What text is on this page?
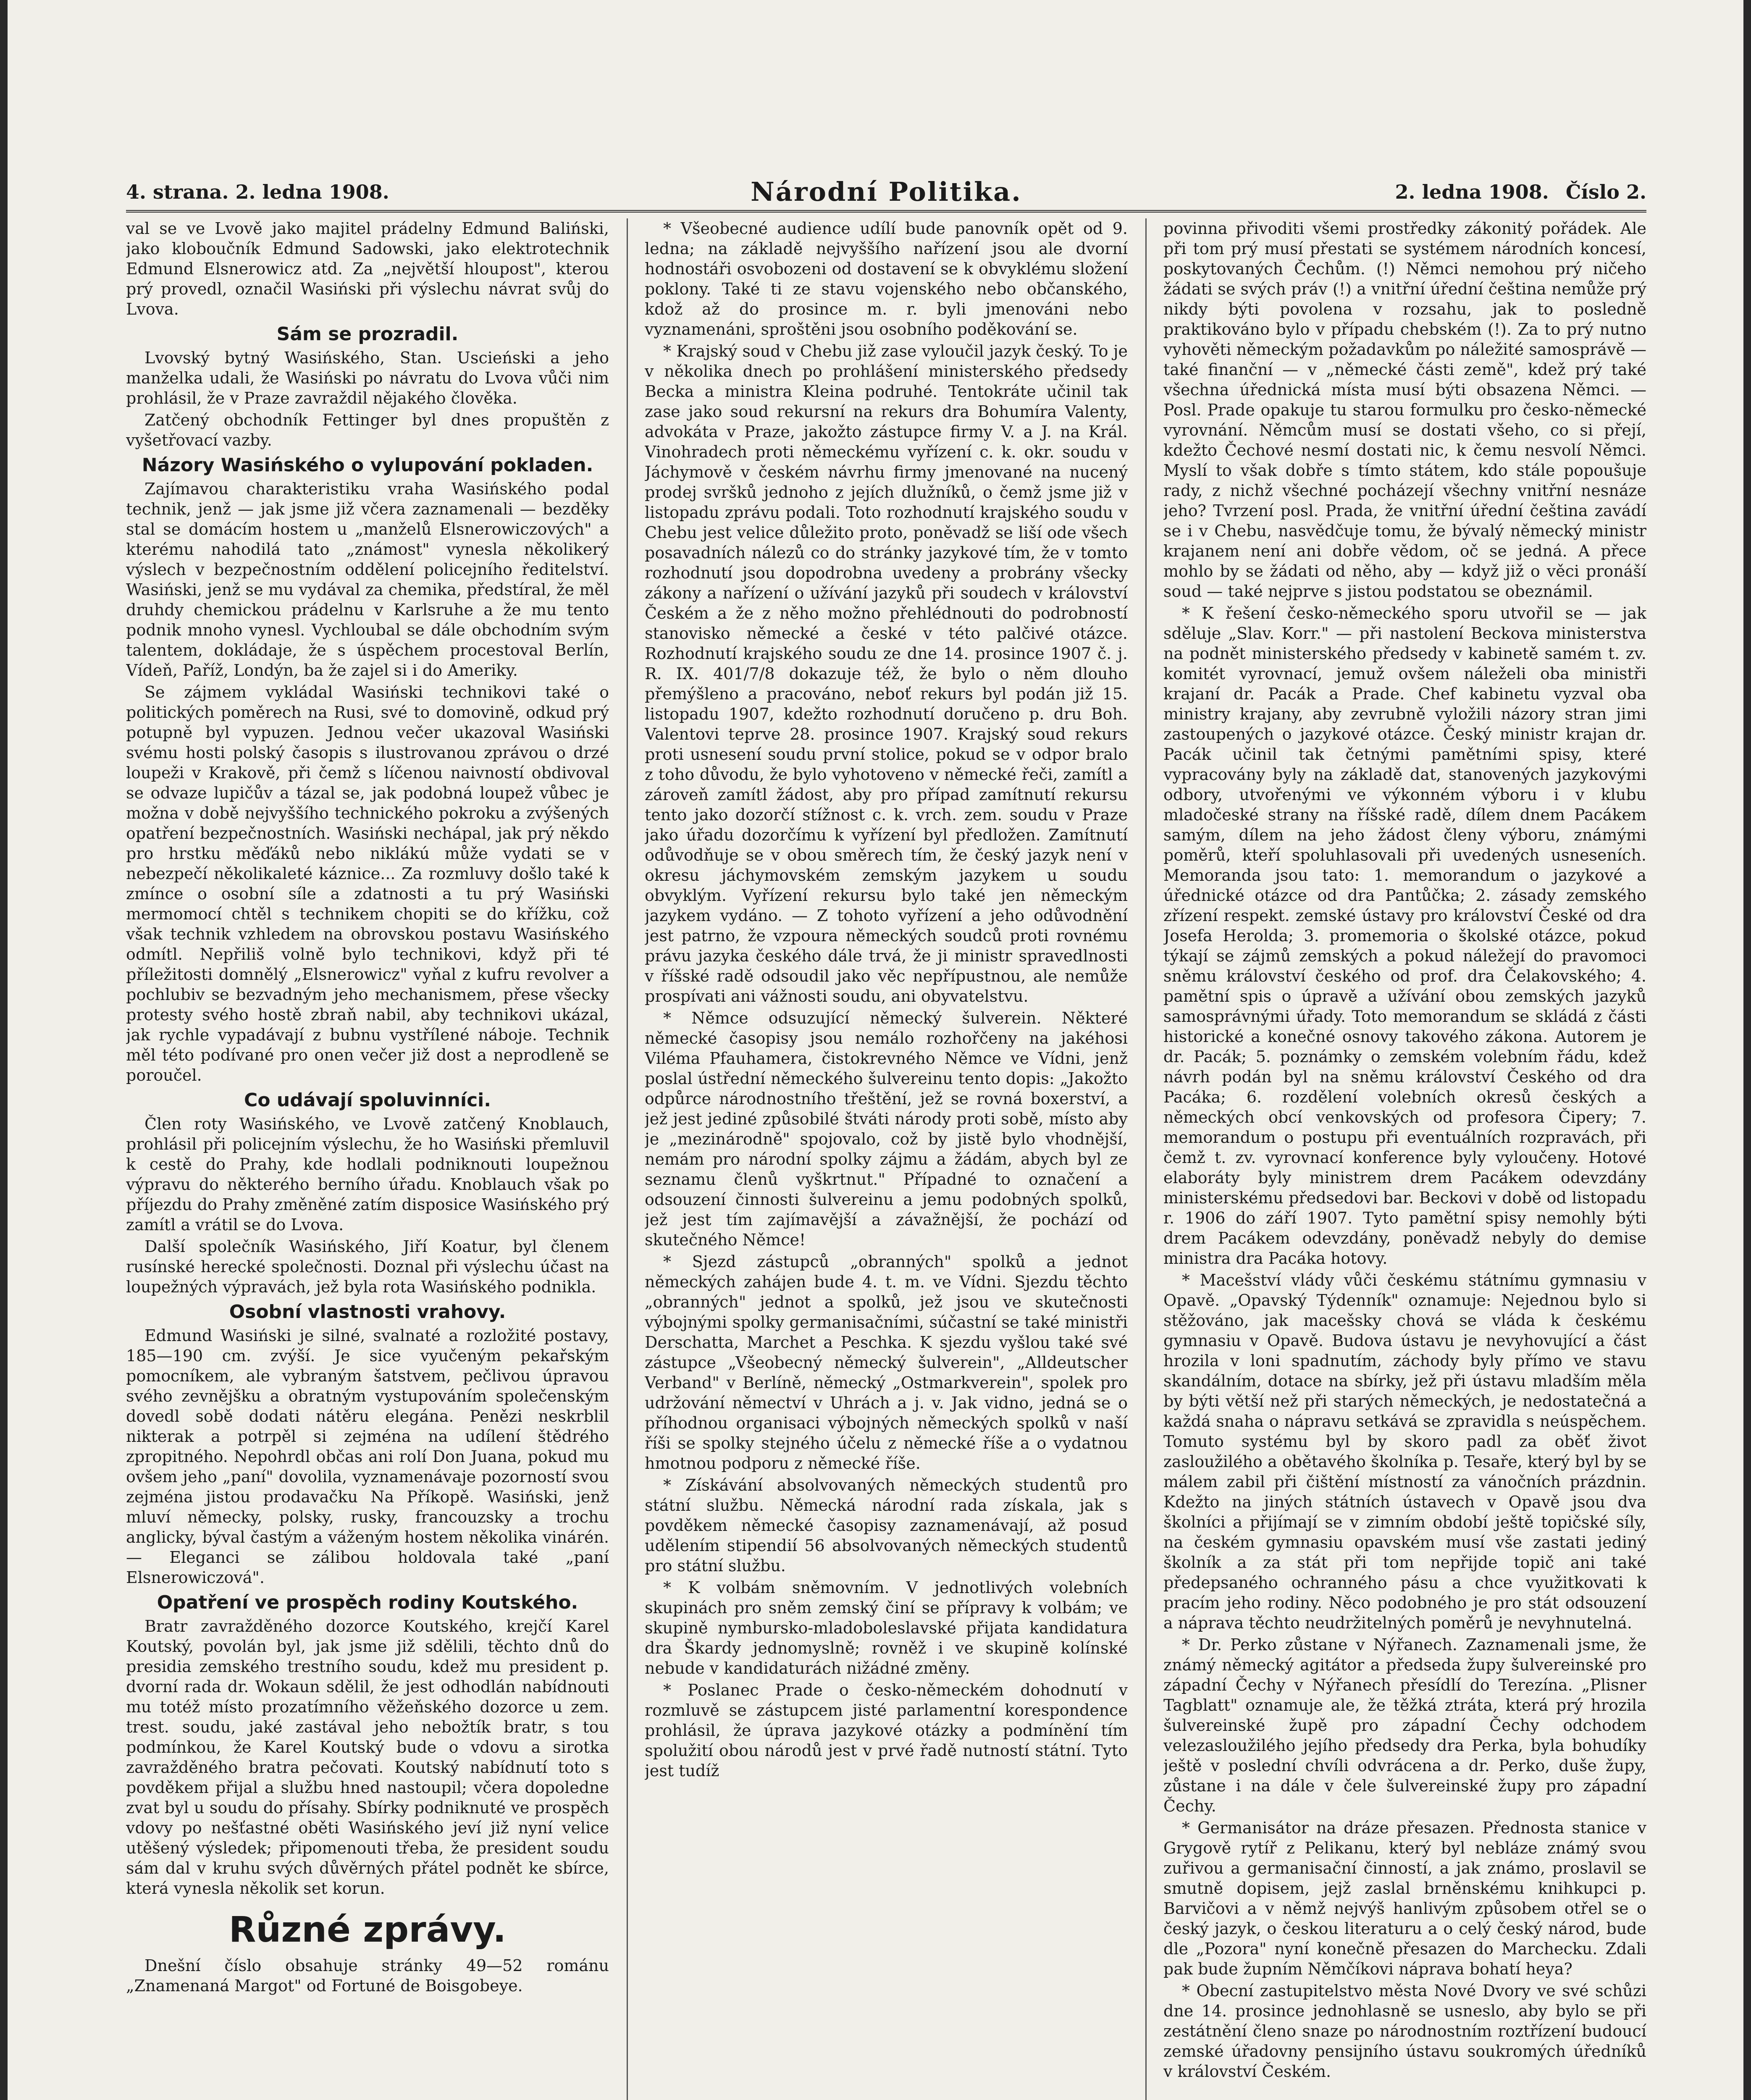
4. strana. 2. ledna 1908.	Národní Politika.	2. ledna 1908. Číslo 2.

val se ve Lvově jako majitel prádelny Edmund Baliński, jako kloboučník Edmund Sadowski, jako elektrotechnik Edmund Elsnerowicz atd. Za „největší hloupost", kterou prý provedl, označil Wasiński při výslechu návrat svůj do Lvova.

Sám se prozradil.

Lvovský bytný Wasińského, Stan. Uscieński a jeho manželka udali, že Wasiński po návratu do Lvova vůči nim prohlásil, že v Praze zavraždil nějakého člověka.

Zatčený obchodník Fettinger byl dnes propuštěn z vyšetřovací vazby.

Názory Wasińského o vylupování pokladen.

Zajímavou charakteristiku vraha Wasińského podal technik, jenž — jak jsme již včera zaznamenali — bezděky stal se domácím hostem u „manželů Elsnerowiczových" a kterému nahodilá tato „známost" vynesla několikerý výslech v bezpečnostním oddělení policejního ředitelství. Wasiński, jenž se mu vydával za chemika, předstíral, že měl druhdy chemickou prádelnu v Karlsruhe a že mu tento podnik mnoho vynesl. Vychloubal se dále obchodním svým talentem, dokládaje, že s úspěchem procestoval Berlín, Vídeň, Paříž, Londýn, ba že zajel si i do Ameriky.

Se zájmem vykládal Wasiński technikovi také o politických poměrech na Rusi, své to domovině, odkud prý potupně byl vypuzen. Jednou večer ukazoval Wasiński svému hosti polský časopis s ilustrovanou zprávou o drzé loupeži v Krakově, při čemž s líčenou naivností obdivoval se odvaze lupičův a tázal se, jak podobná loupež vůbec je možna v době nejvyššího technického pokroku a zvýšených opatření bezpečnostních. Wasiński nechápal, jak prý někdo pro hrstku měďáků nebo niklákú může vydati se v nebezpečí několikaleté kázniсe... Za rozmluvy došlo také k zmínce o osobní síle a zdatnosti a tu prý Wasiński mermomocí chtěl s technikem chopiti se do křížku, což však technik vzhledem na obrovskou postavu Wasińského odmítl. Nepřiliš volně bylo technikovi, když při té příležitosti domnělý „Elsnerowicz" vyňal z kufru revolver a pochlubiv se bezvadným jeho mechanismem, přese všecky protesty svého hostě zbraň nabil, aby technikovi ukázal, jak rychle vypadávají z bubnu vystřílené náboje. Technik měl této podívané pro onen večer již dost a neprodleně se poroučel.

Co udávají spoluvinníci.

Člen roty Wasińského, ve Lvově zatčený Knoblauch, prohlásil při policejním výslechu, že ho Wasiński přemluvil k cestě do Prahy, kde hodlali podniknouti loupežnou výpravu do některého berního úřadu. Knoblauch však po příjezdu do Prahy změněné zatím disposice Wasińského prý zamítl a vrátil se do Lvova.

Další společník Wasińského, Jiří Koatur, byl členem rusínské herecké společnosti. Doznal při výslechu účast na loupežných výpravách, jež byla rota Wasińského podnikla.

Osobní vlastnosti vrahovy.

Edmund Wasiński je silné, svalnaté a rozložité postavy, 185—190 cm. zvýší. Je sice vyučeným pekařským pomocníkem, ale vybraným šatstvem, pečlivou úpravou svého zevnějšku a obratným vystupováním společenským dovedl sobě dodati nátěru elegána. Penězi neskrblil nikterak a potrpěl si zejména na udílení štědrého zpropitného. Nepohrdl občas ani rolí Don Juana, pokud mu ovšem jeho „paní" dovolila, vyznamenávaje pozorností svou zejména jistou prodavačku Na Příkopě. Wasiński, jenž mluví německy, polsky, rusky, francouzsky a trochu anglicky, býval častým a váženým hostem několika vinárén. — Eleganci se zálibou holdovala také „paní Elsnerowiczová".

Opatření ve prospěch rodiny Koutského.

Bratr zavražděného dozorce Koutského, krejčí Karel Koutský, povolán byl, jak jsme již sdělili, těchto dnů do presidia zemského trestního soudu, kdež mu president p. dvorní rada dr. Wokaun sdělil, že jest odhodlán nabídnouti mu totéž místo prozatímního věžeňského dozorce u zem. trest. soudu, jaké zastával jeho nebožtík bratr, s tou podmínkou, že Karel Koutský bude o vdovu a sirotka zavražděného bratra pečovati. Koutský nabídnutí toto s povděkem přijal a službu hned nastoupil; včera dopoledne zvat byl u soudu do přísahy. Sbírky podniknuté ve prospěch vdovy po nešťastné oběti Wasińského jeví již nyní velice utěšený výsledek; připomenouti třeba, že president soudu sám dal v kruhu svých důvěrných přátel podnět ke sbírce, která vynesla několik set korun.

Různé zprávy.

Dnešní číslo obsahuje stránky 49—52 románu „Znamenaná Margot" od Fortuné de Boisgobeye.

* Všeobecné audience udílí bude panovník opět od 9. ledna; na základě nejvyššího nařízení jsou ale dvorní hodnostáři osvobozeni od dostavení se k obvyklému složení poklony. Také ti ze stavu vojenského nebo občanského, kdož až do prosince m. r. byli jmenováni nebo vyznamenáni, sproštěni jsou osobního poděkování se.

* Krajský soud v Chebu již zase vyloučil jazyk český. To je v několika dnech po prohlášení ministerského předsedy Becka a ministra Kleina podruhé. Tentokráte učinil tak zase jako soud rekursní na rekurs dra Bohumíra Valenty, advokáta v Praze, jakožto zástupce firmy V. a J. na Král. Vinohradech proti německému vyřízení c. k. okr. soudu v Jáchymově v českém návrhu firmy jmenované na nucený prodej svršků jednoho z jejích dlužníků, o čemž jsme již v listopadu zprávu podali. Toto rozhodnutí krajského soudu v Chebu jest velice důležito proto, poněvadž se liší ode všech posavadních nálezů co do stránky jazykové tím, že v tomto rozhodnutí jsou dopodrobna uvedeny a probrány všecky zákony a nařízení o užívání jazyků při soudech v království Českém a že z něho možno přehlédnouti do podrobností stanovisko německé a české v této palčivé otázce. Rozhodnutí krajského soudu ze dne 14. prosince 1907 č. j. R. IX. 401/7/8 dokazuje též, že bylo o něm dlouho přemýšleno a pracováno, neboť rekurs byl podán již 15. listopadu 1907, kdežto rozhodnutí doručeno p. dru Boh. Valentovi teprve 28. prosince 1907. Krajský soud rekurs proti usnesení soudu první stolice, pokud se v odpor bralo z toho důvodu, že bylo vyhotoveno v německé řeči, zamítl a zároveň zamítl žádost, aby pro případ zamítnutí rekursu tento jako dozorčí stížnost c. k. vrch. zem. soudu v Praze jako úřadu dozorčímu k vyřízení byl předložen. Zamítnutí odůvodňuje se v obou směrech tím, že český jazyk není v okresu jáchymovském zemským jazykem u soudu obvyklým. Vyřízení rekursu bylo také jen německým jazykem vydáno. — Z tohoto vyřízení a jeho odůvodnění jest patrno, že vzpoura německých soudců proti rovnému právu jazyka českého dále trvá, že ji ministr spravedlnosti v říšské radě odsoudil jako věc nepřípustnou, ale nemůže prospívati ani vážnosti soudu, ani obyvatelstvu.

* Němce odsuzující německý šulverein. Některé německé časopisy jsou nemálo rozhořčeny na jakéhosi Viléma Pfauhamera, čistokrevného Němce ve Vídni, jenž poslal ústřední německého šulvereinu tento dopis: „Jakožto odpůrce národnostního třeštění, jež se rovná boxerství, a jež jest jediné způsobilé štváti národy proti sobě, místo aby je „mezinárodně" spojovalo, což by jistě bylo vhodnější, nemám pro národní spolky zájmu a žádám, abych byl ze seznamu členů vyškrtnut." Případné to označení a odsouzení činnosti šulvereinu a jemu podobných spolků, jež jest tím zajímavější a závažnější, že pochází od skutečného Němce!

* Sjezd zástupců „obranných" spolků a jednot německých zahájen bude 4. t. m. ve Vídni. Sjezdu těchto „obranných" jednot a spolků, jež jsou ve skutečnosti výbojnými spolky germanisačními, súčastní se také ministři Derschatta, Marchet a Peschka. K sjezdu vyšlou také své zástupce „Všeobecný německý šulverein", „Alldeutscher Verband" v Berlíně, německý „Ostmarkverein", spolek pro udržování němectví v Uhrách a j. v. Jak vidno, jedná se o příhodnou organisaci výbojných německých spolků v naší říši se spolky stejného účelu z německé říše a o vydatnou hmotnou podporu z německé říše.

* Získávání absolvovaných německých studentů pro státní službu. Německá národní rada získala, jak s povděkem německé časopisy zaznamenávají, až posud udělením stipendií 56 absolvovaných německých studentů pro státní službu.

* K volbám sněmovním. V jednotlivých volebních skupinách pro sněm zemský činí se přípravy k volbám; ve skupině nymbursko-mladoboleslavské přijata kandidatura dra Škardy jednomyslně; rovněž i ve skupině kolínské nebude v kandidaturách nižádné změny.

* Poslanec Prade o česko-německém dohodnutí v rozmluvě se zástupcem jisté parlamentní korespondence prohlásil, že úprava jazykové otázky a podmínění tím spolužití obou národů jest v prvé řadě nutností státní. Tyto jest tudíž

povinna přivoditi všemi prostředky zákonitý pořádek. Ale při tom prý musí přestati se systémem národních koncesí, poskytovaných Čechům. (!) Němci nemohou prý ničeho žádati se svých práv (!) a vnitřní úřední čeština nemůže prý nikdy býti povolena v rozsahu, jak to posledně praktikováno bylo v případu chebském (!). Za to prý nutno vyhověti německým požadavkům po náležité samosprávě — také finanční — v „německé části země", kdež prý také všechna úřednická místa musí býti obsazena Němci. — Posl. Prade opakuje tu starou formulku pro česko-německé vyrovnání. Němcům musí se dostati všeho, co si přejí, kdežto Čechové nesmí dostati nic, k čemu nesvolí Němci. Myslí to však dobře s tímto státem, kdo stále popoušuje rady, z nichž všechné pocházejí všechny vnitřní nesnáze jeho? Tvrzení posl. Prada, že vnitřní úřední čeština zavádí se i v Chebu, nasvědčuje tomu, že bývalý německý ministr krajanem není ani dobře vědom, oč se jedná. A přece mohlo by se žádati od něho, aby — když již o věci pronáší soud — také nejprve s jistou podstatou se obeznámil.

* K řešení česko-německého sporu utvořil se — jak sděluje „Slav. Korr." — při nastolení Beckova ministerstva na podnět ministerského předsedy v kabinetě samém t. zv. komitét vyrovnací, jemuž ovšem náleželi oba ministři krajaní dr. Pacák a Prade. Chef kabinetu vyzval oba ministry krajany, aby zevrubně vyložili názory stran jimi zastoupených o jazykové otázce. Český ministr krajan dr. Pacák učinil tak četnými pamětními spisy, které vypracovány byly na základě dat, stanovených jazykovými odbory, utvořenými ve výkonném výboru i v klubu mladočeské strany na říšské radě, dílem dnem Pacákem samým, dílem na jeho žádost členy výboru, známými poměrů, kteří spoluhlasovali při uvedených usneseních. Memoranda jsou tato: 1. memorandum o jazykové a úřednické otázce od dra Pantůčka; 2. zásady zemského zřízení respekt. zemské ústavy pro království České od dra Josefa Herolda; 3. promemoria o školské otázce, pokud týkají se zájmů zemských a pokud náležejí do pravomoci sněmu království českého od prof. dra Čelakovského; 4. pamětní spis o úpravě a užívání obou zemských jazyků samosprávnými úřady. Toto memorandum se skládá z části historické a konečné osnovy takového zákona. Autorem je dr. Pacák; 5. poznámky o zemském volebním řádu, kdež návrh podán byl na sněmu království Českého od dra Pacáka; 6. rozdělení volebních okresů českých a německých obcí venkovských od profesora Čipery; 7. memorandum o postupu při eventuálních rozpravách, při čemž t. zv. vyrovnací konference byly vyloučeny. Hotové elaboráty byly ministrem drem Pacákem odevzdány ministerskému předsedovi bar. Beckovi v době od listopadu r. 1906 do září 1907. Tyto pamětní spisy nemohly býti drem Pacákem odevzdány, poněvadž nebyly do demise ministra dra Pacáka hotovy.

* Macešství vlády vůči českému státnímu gymnasiu v Opavě. „Opavský Týdenník" oznamuje: Nejednou bylo si stěžováno, jak macešsky chová se vláda k českému gymnasiu v Opavě. Budova ústavu je nevyhovující a část hrozila v loni spadnutím, záchody byly přímo ve stavu skandálním, dotace na sbírky, jež při ústavu mladším měla by býti větší než při starých německých, je nedostatečná a každá snaha o nápravu setkává se zpravidla s neúspěchem. Tomuto systému byl by skoro padl za oběť život zasloužilého a obětavého školníka p. Tesaře, který byl by se málem zabil při čištění místností za vánočních prázdnin. Kdežto na jiných státních ústavech v Opavě jsou dva školníci a přijímají se v zimním období ještě topičské síly, na českém gymnasiu opavském musí vše zastati jediný školník a za stát při tom nepřijde topič ani také předepsaného ochranného pásu a chce využitkovati k pracím jeho rodiny. Něco podobného je pro stát odsouzení a náprava těchto neudržitelných poměrů je nevyhnutelná.

* Dr. Perko zůstane v Nýřanech. Zaznamenali jsme, že známý německý agitátor a předseda župy šulvereinské pro západní Čechy v Nýřanech přesídlí do Terezína. „Plisner Tagblatt" oznamuje ale, že těžká ztráta, která prý hrozila šulvereinské župě pro západní Čechy odchodem velezasloužilého jejího předsedy dra Perka, byla bohudíky ještě v poslední chvíli odvrácena a dr. Perko, duše župy, zůstane i na dále v čele šulvereinské župy pro západní Čechy.

* Germanisátor na dráze přesazen. Přednosta stanice v Grygově rytíř z Pelikanu, který byl nebláze známý svou zuřivou a germanisační činností, a jak známo, proslavil se smutně dopisem, jejž zaslal brněnskému knihkupci p. Barvičovi a v němž nejvýš hanlivým způsobem otřel se o český jazyk, o českou literaturu a o celý český národ, bude dle „Pozora" nyní konečně přesazen do Marchecku. Zdali pak bude župním Němčíkovi náprava bohatí heya?

* Obecní zastupitelstvo města Nové Dvory ve své schůzi dne 14. prosince jednohlasně se usneslo, aby bylo se při zestátnění členo snaze po národnostním roztřízení budoucí zemské úřadovny pensijního ústavu soukromých úředníků v království Českém.
